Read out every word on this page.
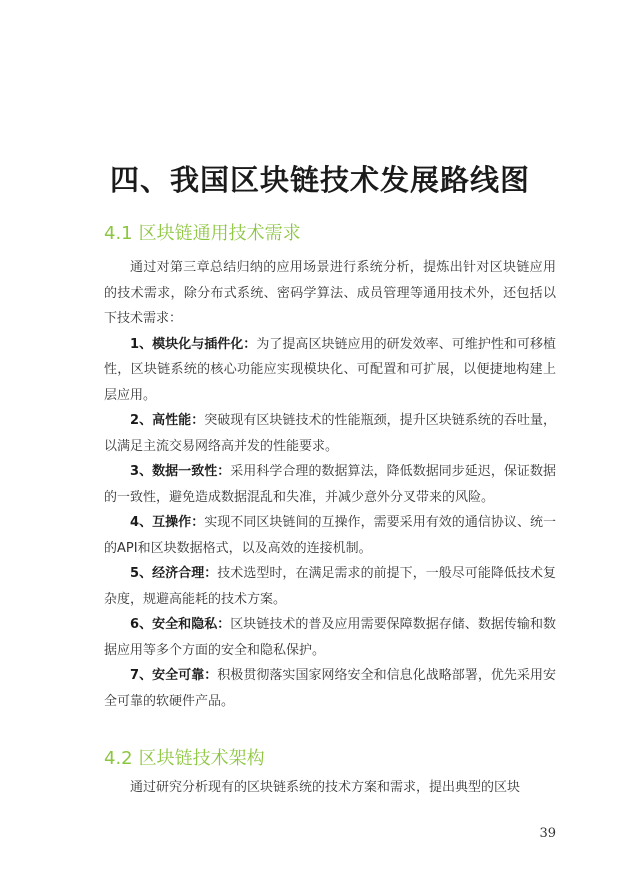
四、我国区块链技术发展路线图
4.1 区块链通用技术需求

通过对第三章总结归纳的应用场景进行系统分析，提炼出针对区块链应用的技术需求，除分布式系统、密码学算法、成员管理等通用技术外，还包括以下技术需求：

1、模块化与插件化：为了提高区块链应用的研发效率、可维护性和可移植性，区块链系统的核心功能应实现模块化、可配置和可扩展，以便捷地构建上层应用。

2、高性能：突破现有区块链技术的性能瓶颈，提升区块链系统的吞吐量，以满足主流交易网络高并发的性能要求。

3、数据一致性：采用科学合理的数据算法，降低数据同步延迟，保证数据的一致性，避免造成数据混乱和失准，并减少意外分叉带来的风险。

4、互操作：实现不同区块链间的互操作，需要采用有效的通信协议、统一的API和区块数据格式，以及高效的连接机制。

5、经济合理：技术选型时，在满足需求的前提下，一般尽可能降低技术复杂度，规避高能耗的技术方案。

6、安全和隐私：区块链技术的普及应用需要保障数据存储、数据传输和数据应用等多个方面的安全和隐私保护。

7、安全可靠：积极贯彻落实国家网络安全和信息化战略部署，优先采用安全可靠的软硬件产品。

4.2 区块链技术架构

通过研究分析现有的区块链系统的技术方案和需求，提出典型的区块

39
